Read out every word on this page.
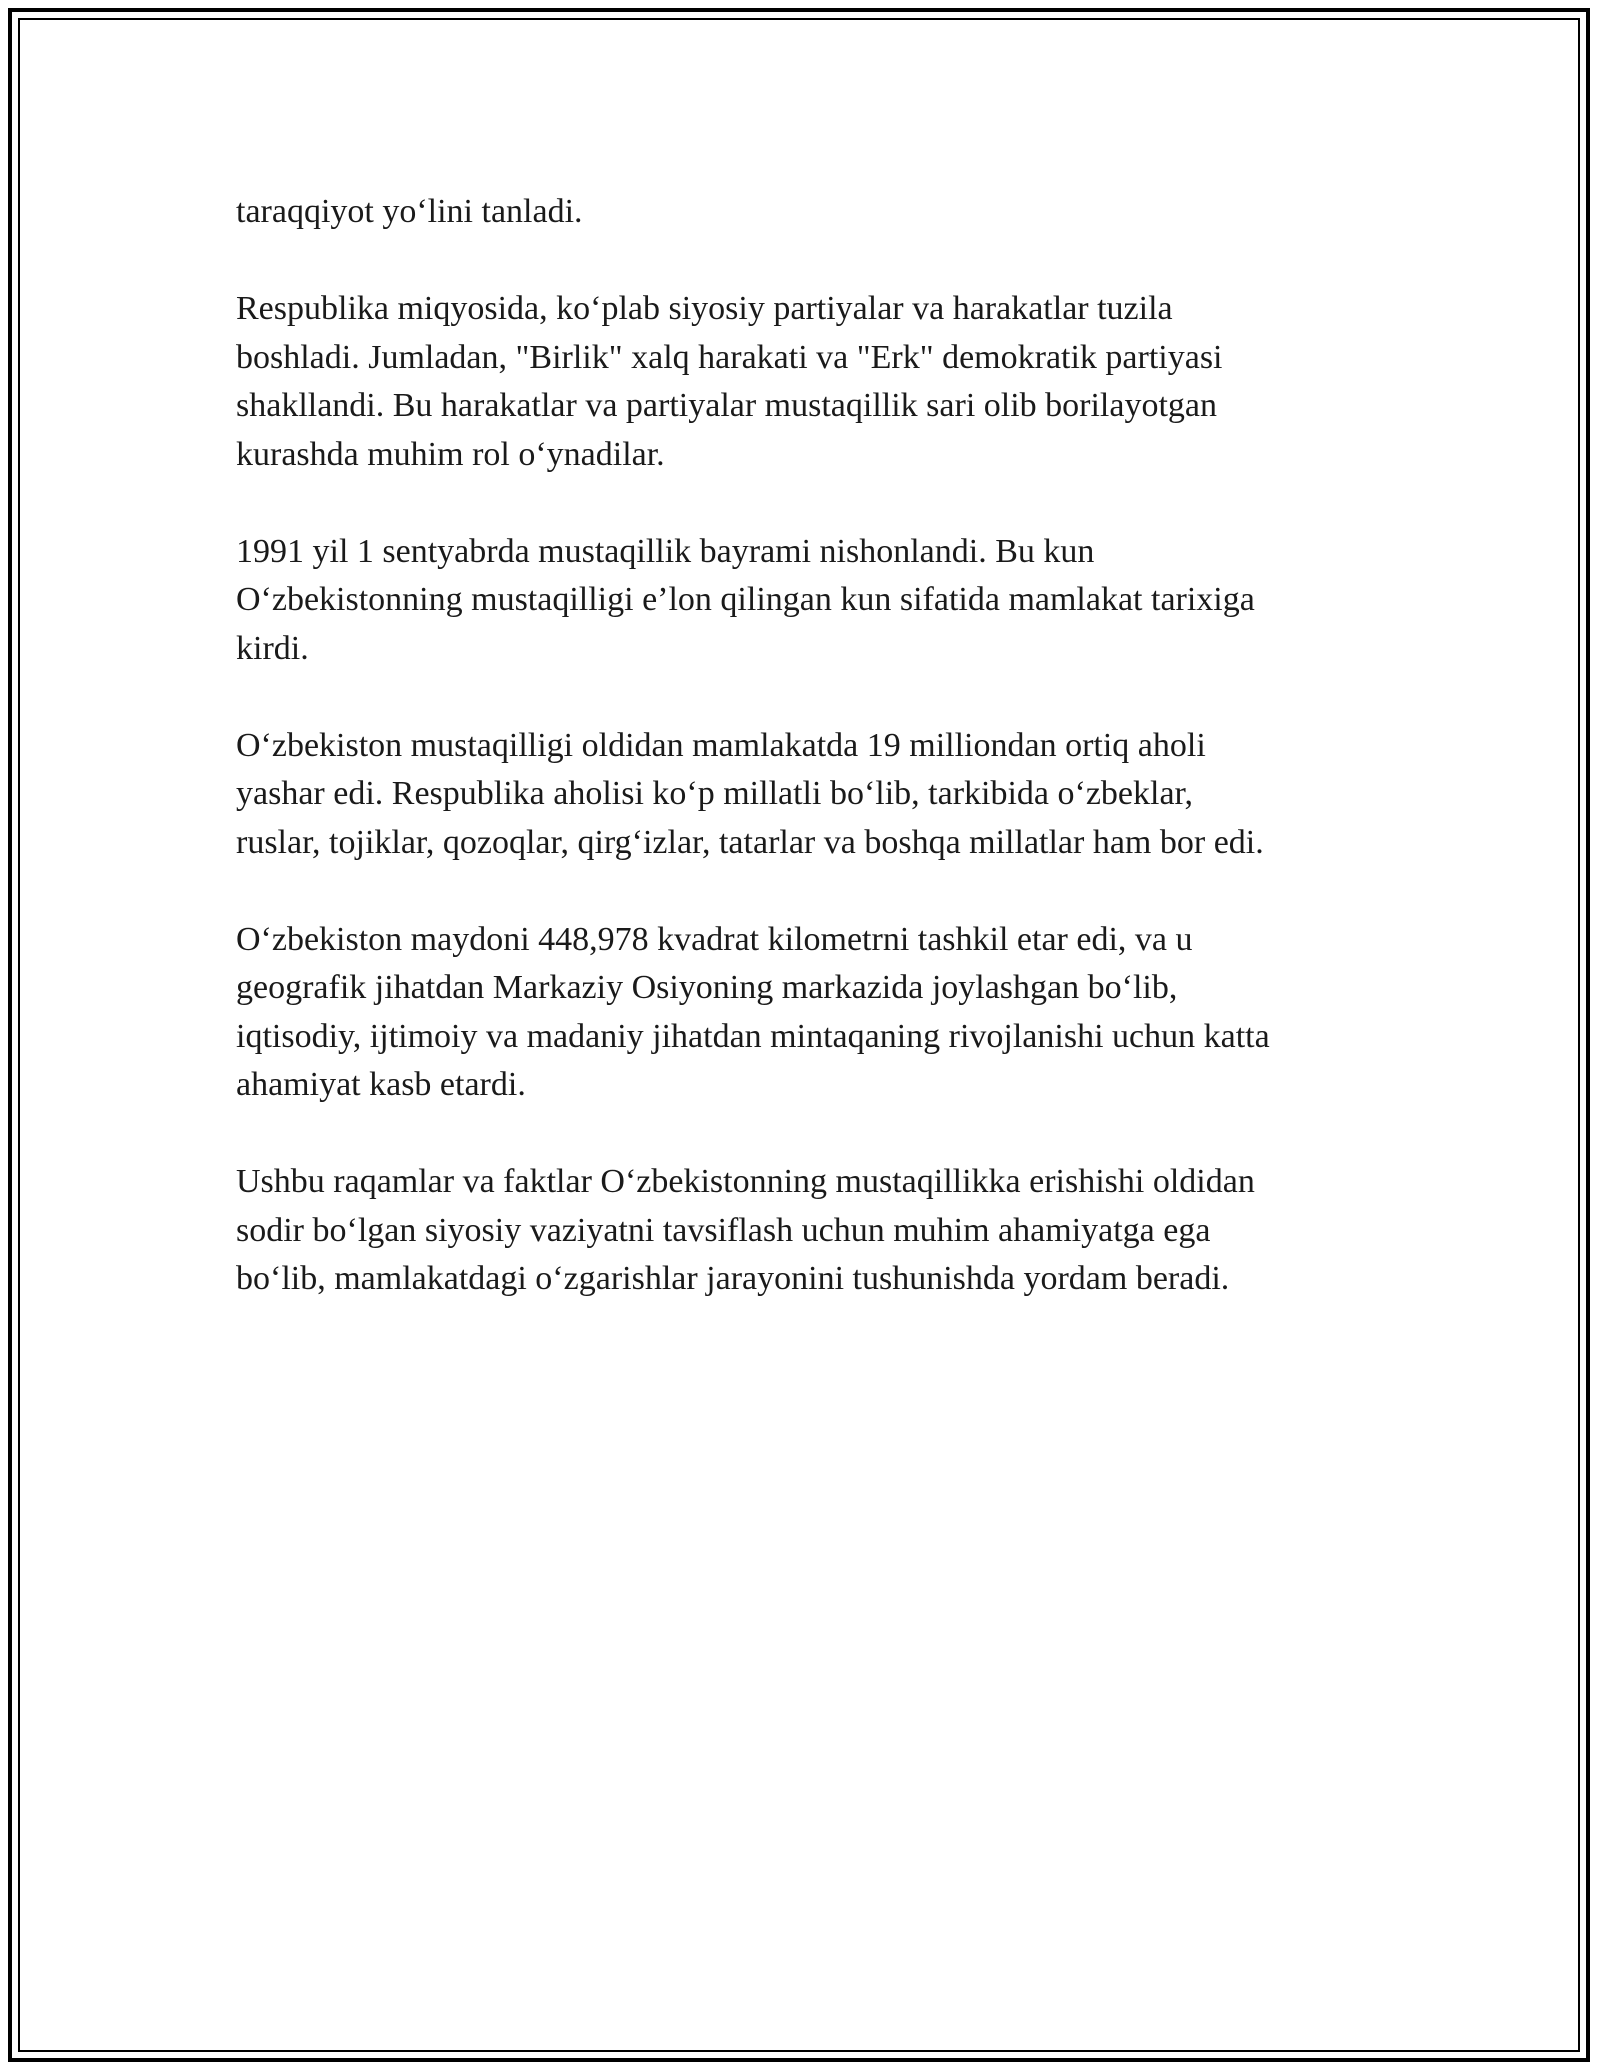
taraqqiyot yo‘lini tanladi.

Respublika miqyosida, ko‘plab siyosiy partiyalar va harakatlar tuzila
boshladi. Jumladan, "Birlik" xalq harakati va "Erk" demokratik partiyasi
shakllandi. Bu harakatlar va partiyalar mustaqillik sari olib borilayotgan
kurashda muhim rol o‘ynadilar.

1991 yil 1 sentyabrda mustaqillik bayrami nishonlandi. Bu kun
O‘zbekistonning mustaqilligi e’lon qilingan kun sifatida mamlakat tarixiga
kirdi.

O‘zbekiston mustaqilligi oldidan mamlakatda 19 milliondan ortiq aholi
yashar edi. Respublika aholisi ko‘p millatli bo‘lib, tarkibida o‘zbeklar,
ruslar, tojiklar, qozoqlar, qirg‘izlar, tatarlar va boshqa millatlar ham bor edi.

O‘zbekiston maydoni 448,978 kvadrat kilometrni tashkil etar edi, va u
geografik jihatdan Markaziy Osiyoning markazida joylashgan bo‘lib,
iqtisodiy, ijtimoiy va madaniy jihatdan mintaqaning rivojlanishi uchun katta
ahamiyat kasb etardi.

Ushbu raqamlar va faktlar O‘zbekistonning mustaqillikka erishishi oldidan
sodir bo‘lgan siyosiy vaziyatni tavsiflash uchun muhim ahamiyatga ega
bo‘lib, mamlakatdagi o‘zgarishlar jarayonini tushunishda yordam beradi.
